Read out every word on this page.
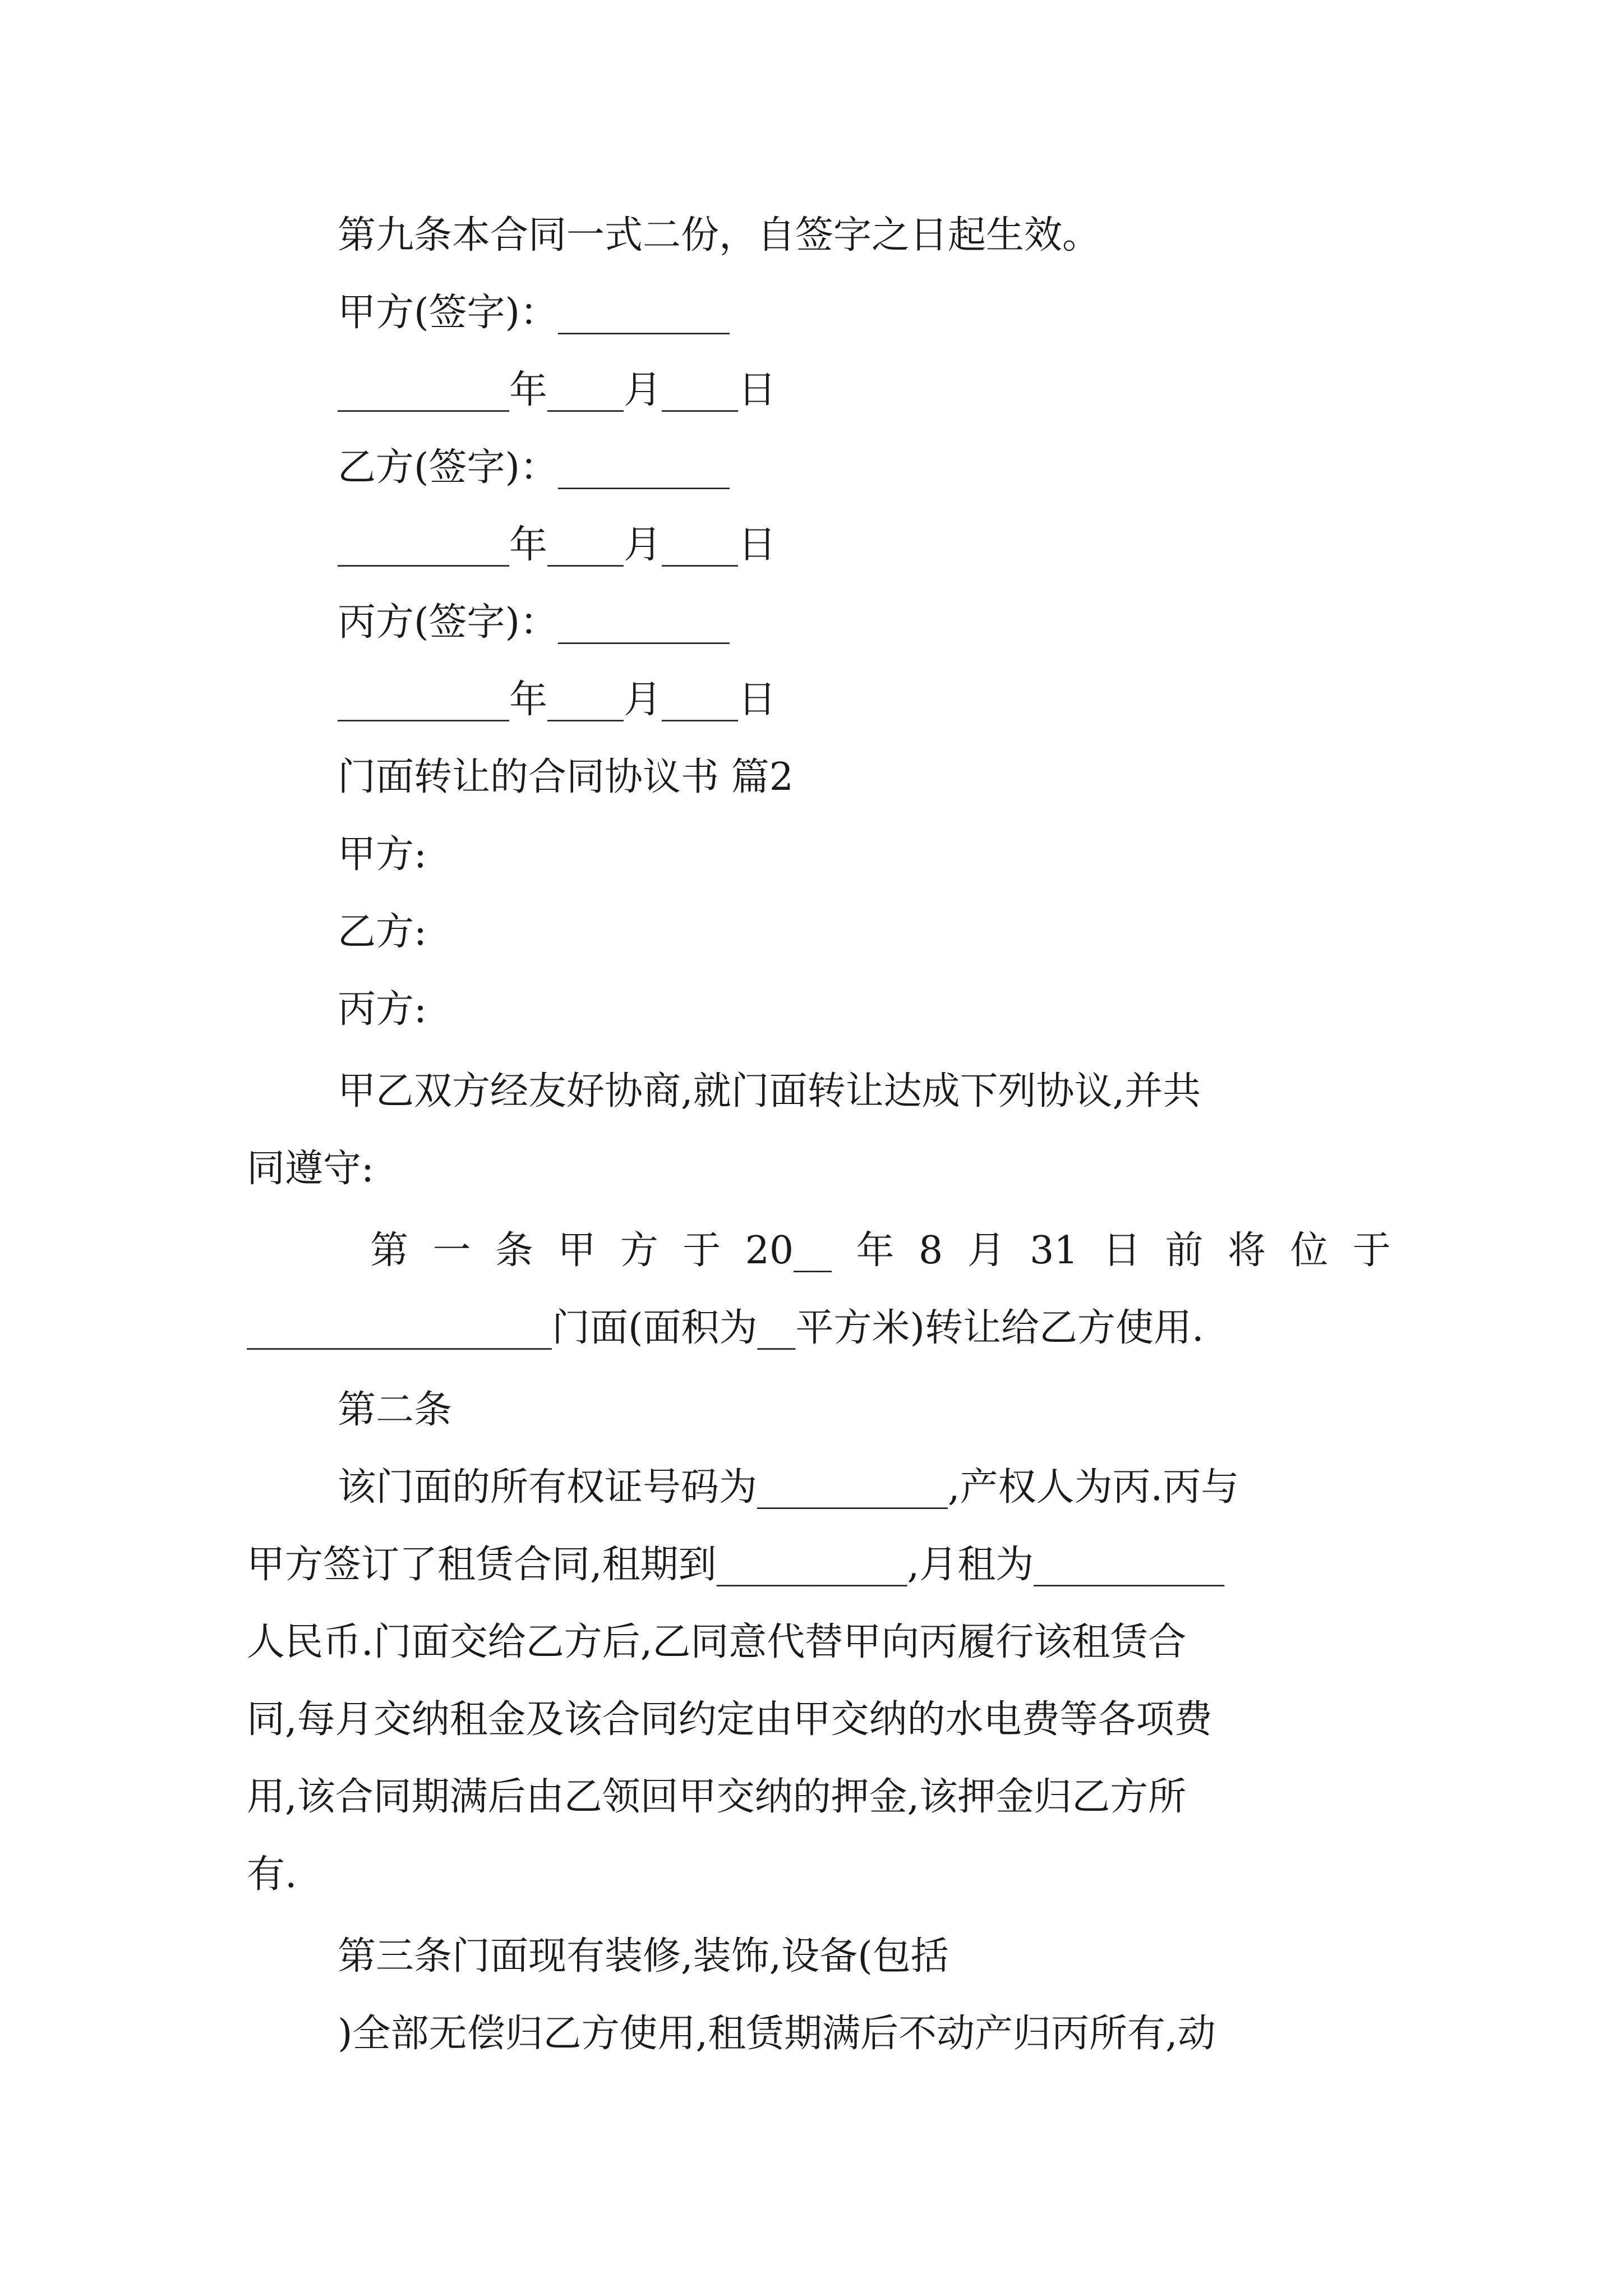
第九条本合同一式二份，自签字之日起生效。
甲方(签字)：_________
_________年____月____日
乙方(签字)：_________
_________年____月____日
丙方(签字)：_________
_________年____月____日
门面转让的合同协议书 篇2
甲方:
乙方:
丙方:
甲乙双方经友好协商,就门面转让达成下列协议,并共
同遵守:
第 一 条 甲 方 于 20__ 年 8 月 31 日 前 将 位 于
________________门面(面积为__平方米)转让给乙方使用.
第二条
该门面的所有权证号码为__________,产权人为丙.丙与
甲方签订了租赁合同,租期到__________,月租为__________
人民币.门面交给乙方后,乙同意代替甲向丙履行该租赁合
同,每月交纳租金及该合同约定由甲交纳的水电费等各项费
用,该合同期满后由乙领回甲交纳的押金,该押金归乙方所
有.
第三条门面现有装修,装饰,设备(包括
)全部无偿归乙方使用,租赁期满后不动产归丙所有,动
